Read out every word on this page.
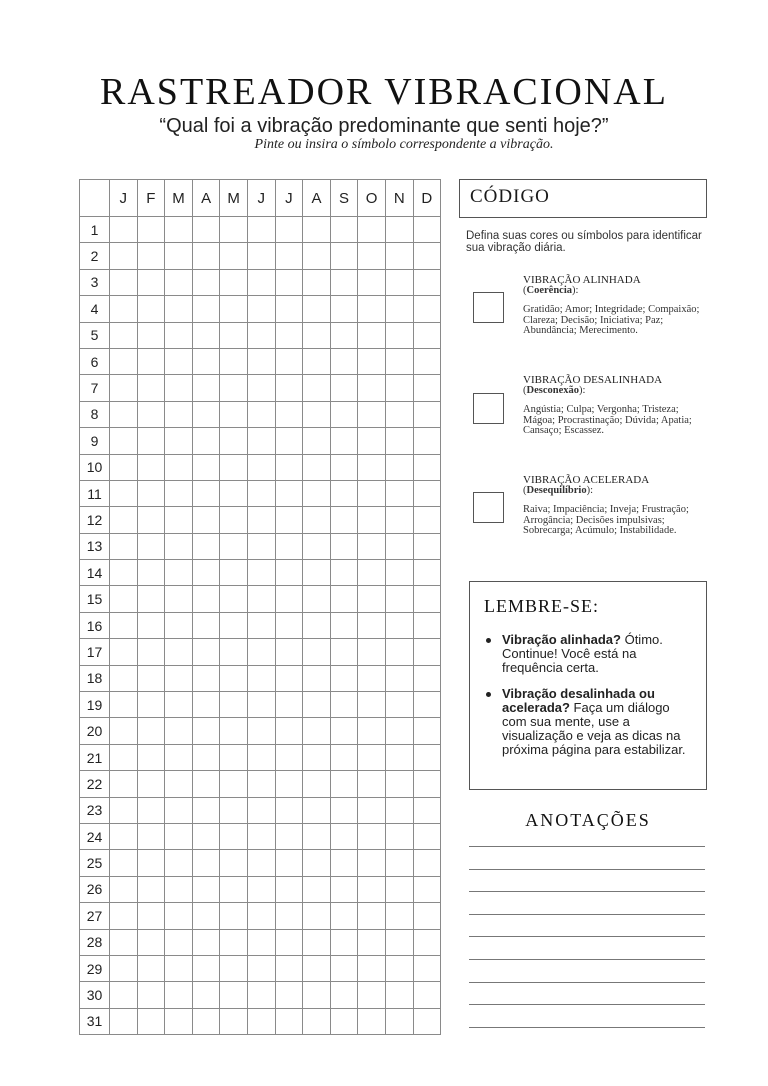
RASTREADOR VIBRACIONAL
“Qual foi a vibração predominante que senti hoje?”
Pinte ou insira o símbolo correspondente a vibração.
	J	F	M	A	M	J	J	A	S	O	N	D
1												
2												
3												
4												
5												
6												
7												
8												
9												
10												
11												
12												
13												
14												
15												
16												
17												
18												
19												
20												
21												
22												
23												
24												
25												
26												
27												
28												
29												
30												
31												
CÓDIGO
Defina suas cores ou símbolos para identificar sua vibração diária.
VIBRAÇÃO ALINHADA
(Coerência):
Gratidão; Amor; Integridade; Compaixão; Clareza; Decisão; Iniciativa; Paz; Abundância; Merecimento.
VIBRAÇÃO DESALINHADA
(Desconexão):
Angústia; Culpa; Vergonha; Tristeza; Mágoa; Procrastinação; Dúvida; Apatia; Cansaço; Escassez.
VIBRAÇÃO ACELERADA
(Desequilíbrio):
Raiva; Impaciência; Inveja; Frustração; Arrogância; Decisões impulsivas; Sobrecarga; Acúmulo; Instabilidade.
LEMBRE-SE:
Vibração alinhada? Ótimo. Continue! Você está na frequência certa.
Vibração desalinhada ou acelerada? Faça um diálogo com sua mente, use a visualização e veja as dicas na próxima página para estabilizar.
ANOTAÇÕES
